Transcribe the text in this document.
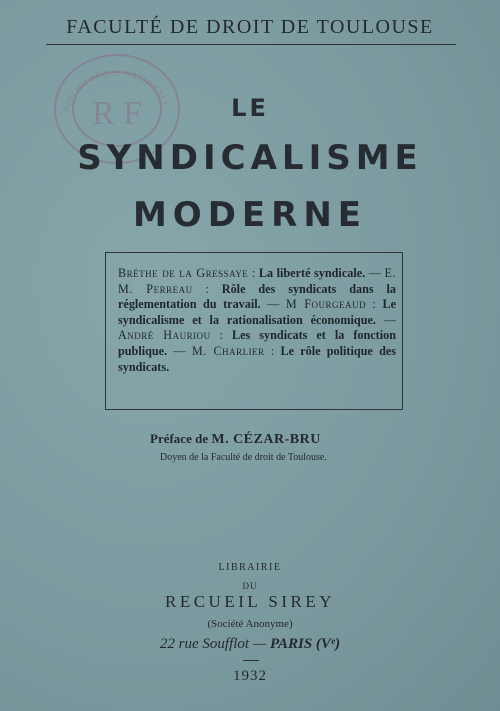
FACULTÉ DE DROIT DE TOULOUSE
BIBLIOTHÈQUE NATIONALE
R F	LE
SYNDICALISME
MODERNE
Bréthe de la Gressaye : La liberté syndicale. — E. M. Perreau : Rôle des syndicats dans la réglementation du travail. — M Fourgeaud : Le syndicalisme et la rationalisation économique. — André Hauriou : Les syndicats et la fonction publique. — M. Charlier : Le rôle politique des syndicats.
Préface de M. CÉZAR-BRU
Doyen de la Faculté de droit de Toulouse.
LIBRAIRIE
DU
RECUEIL SIREY
(Société Anonyme)
22 rue Soufflot — PARIS (Vᵉ)
1932
